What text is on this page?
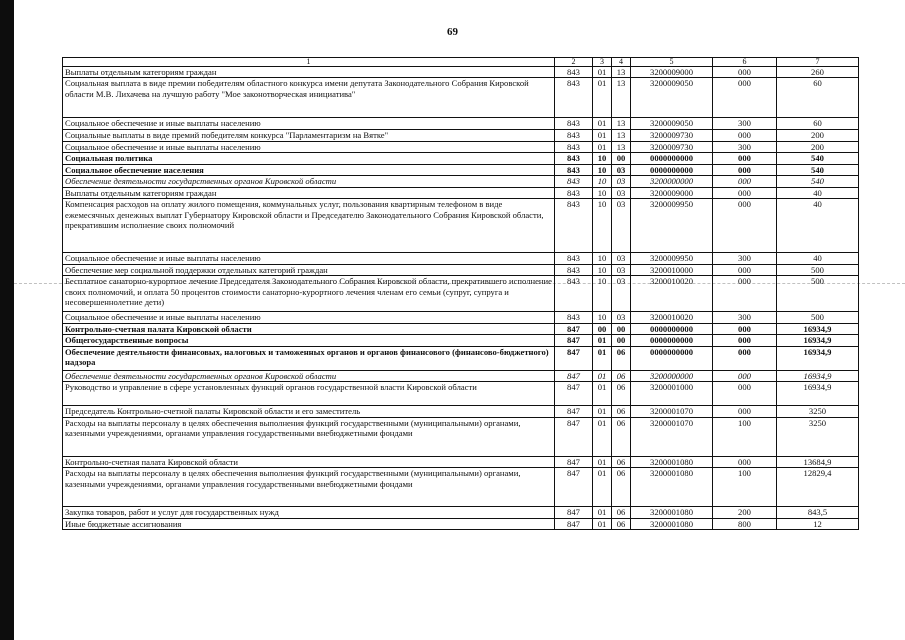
69
1	2	3	4	5	6	7
Выплаты отдельным категориям граждан	843	01	13	3200009000	000	260
Социальная выплата в виде премии победителям областного конкурса имени депутата Законодательного Собрания Кировской области М.В. Лихачева на лучшую работу "Мое законотворческая инициатива"	843	01	13	3200009050	000	60
Социальное обеспечение и иные выплаты населению	843	01	13	3200009050	300	60
Социальные выплаты в виде премий победителям конкурса "Парламентаризм на Вятке"	843	01	13	3200009730	000	200
Социальное обеспечение и иные выплаты населению	843	01	13	3200009730	300	200
Социальная политика	843	10	00	0000000000	000	540
Социальное обеспечение населения	843	10	03	0000000000	000	540
Обеспечение деятельности государственных органов Кировской области	843	10	03	3200000000	000	540
Выплаты отдельным категориям граждан	843	10	03	3200009000	000	40
Компенсация расходов на оплату жилого помещения, коммунальных услуг, пользования квартирным телефоном в виде ежемесячных денежных выплат Губернатору Кировской области и Председателю Законодательного Собрания Кировской области, прекратившим исполнение своих полномочий	843	10	03	3200009950	000	40
Социальное обеспечение и иные выплаты населению	843	10	03	3200009950	300	40
Обеспечение мер социальной поддержки отдельных категорий граждан	843	10	03	3200010000	000	500
Бесплатное санаторно-курортное лечение Председателя Законодательного Собрания Кировской области, прекратившего исполнение своих полномочий, и оплата 50 процентов стоимости санаторно-курортного лечения членам его семьи (супруг, супруга и несовершеннолетние дети)	843	10	03	3200010020	000	500
Социальное обеспечение и иные выплаты населению	843	10	03	3200010020	300	500
Контрольно-счетная палата Кировской области	847	00	00	0000000000	000	16934,9
Общегосударственные вопросы	847	01	00	0000000000	000	16934,9
Обеспечение деятельности финансовых, налоговых и таможенных органов и органов финансового (финансово-бюджетного) надзора	847	01	06	0000000000	000	16934,9
Обеспечение деятельности государственных органов Кировской области	847	01	06	3200000000	000	16934,9
Руководство и управление в сфере установленных функций органов государственной власти Кировской области	847	01	06	3200001000	000	16934,9
Председатель Контрольно-счетной палаты Кировской области и его заместитель	847	01	06	3200001070	000	3250
Расходы на выплаты персоналу в целях обеспечения выполнения функций государственными (муниципальными) органами, казенными учреждениями, органами управления государственными внебюджетными фондами	847	01	06	3200001070	100	3250
Контрольно-счетная палата Кировской области	847	01	06	3200001080	000	13684,9
Расходы на выплаты персоналу в целях обеспечения выполнения функций государственными (муниципальными) органами, казенными учреждениями, органами управления государственными внебюджетными фондами	847	01	06	3200001080	100	12829,4
Закупка товаров, работ и услуг для государственных нужд	847	01	06	3200001080	200	843,5
Иные бюджетные ассигнования	847	01	06	3200001080	800	12
